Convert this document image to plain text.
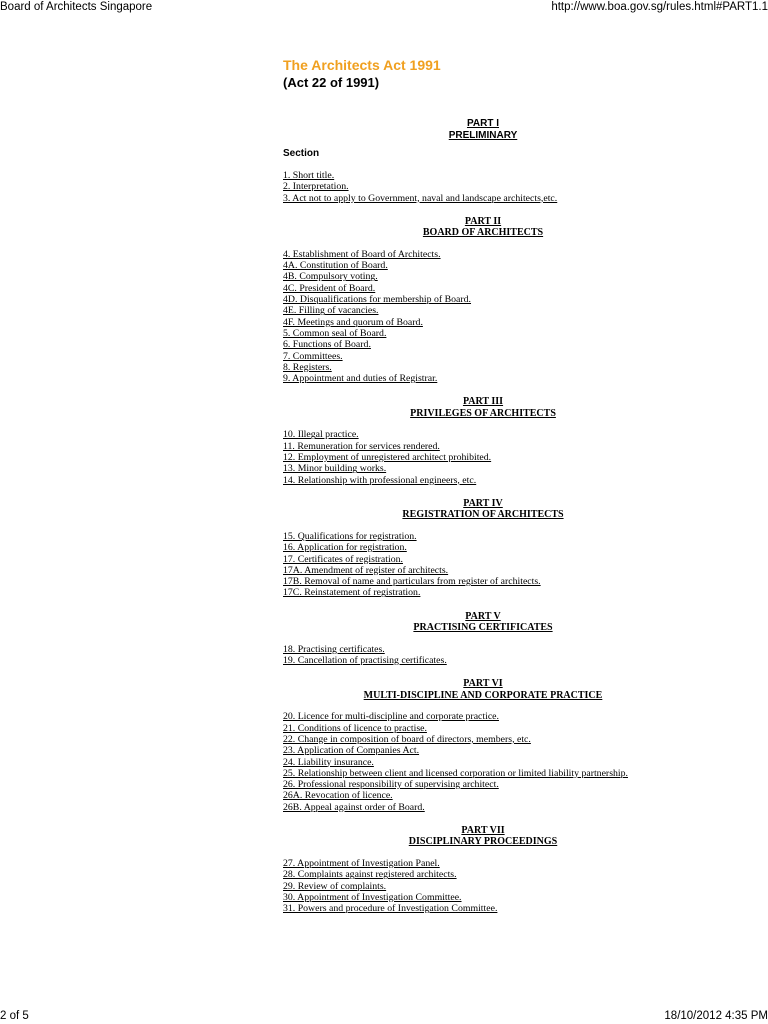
Board of Architects Singapore	http://www.boa.gov.sg/rules.html#PART1.1
The Architects Act 1991
(Act 22 of 1991)
PART I
PRELIMINARY
Section
1. Short title.
2. Interpretation.
3. Act not to apply to Government, naval and landscape architects,etc.
PART II
BOARD OF ARCHITECTS
4. Establishment of Board of Architects.
4A. Constitution of Board.
4B. Compulsory voting.
4C. President of Board.
4D. Disqualifications for membership of Board.
4E. Filling of vacancies.
4F. Meetings and quorum of Board.
5. Common seal of Board.
6. Functions of Board.
7. Committees.
8. Registers.
9. Appointment and duties of Registrar.
PART III
PRIVILEGES OF ARCHITECTS
10. Illegal practice.
11. Remuneration for services rendered.
12. Employment of unregistered architect prohibited.
13. Minor building works.
14. Relationship with professional engineers, etc.
PART IV
REGISTRATION OF ARCHITECTS
15. Qualifications for registration.
16. Application for registration.
17. Certificates of registration.
17A. Amendment of register of architects.
17B. Removal of name and particulars from register of architects.
17C. Reinstatement of registration.
PART V
PRACTISING CERTIFICATES
18. Practising certificates.
19. Cancellation of practising certificates.
PART VI
MULTI-DISCIPLINE AND CORPORATE PRACTICE
20. Licence for multi-discipline and corporate practice.
21. Conditions of licence to practise.
22. Change in composition of board of directors, members, etc.
23. Application of Companies Act.
24. Liability insurance.
25. Relationship between client and licensed corporation or limited liability partnership.
26. Professional responsibility of supervising architect.
26A. Revocation of licence.
26B. Appeal against order of Board.
PART VII
DISCIPLINARY PROCEEDINGS
27. Appointment of Investigation Panel.
28. Complaints against registered architects.
29. Review of complaints.
30. Appointment of Investigation Committee.
31. Powers and procedure of Investigation Committee.
2 of 5	18/10/2012 4:35 PM
